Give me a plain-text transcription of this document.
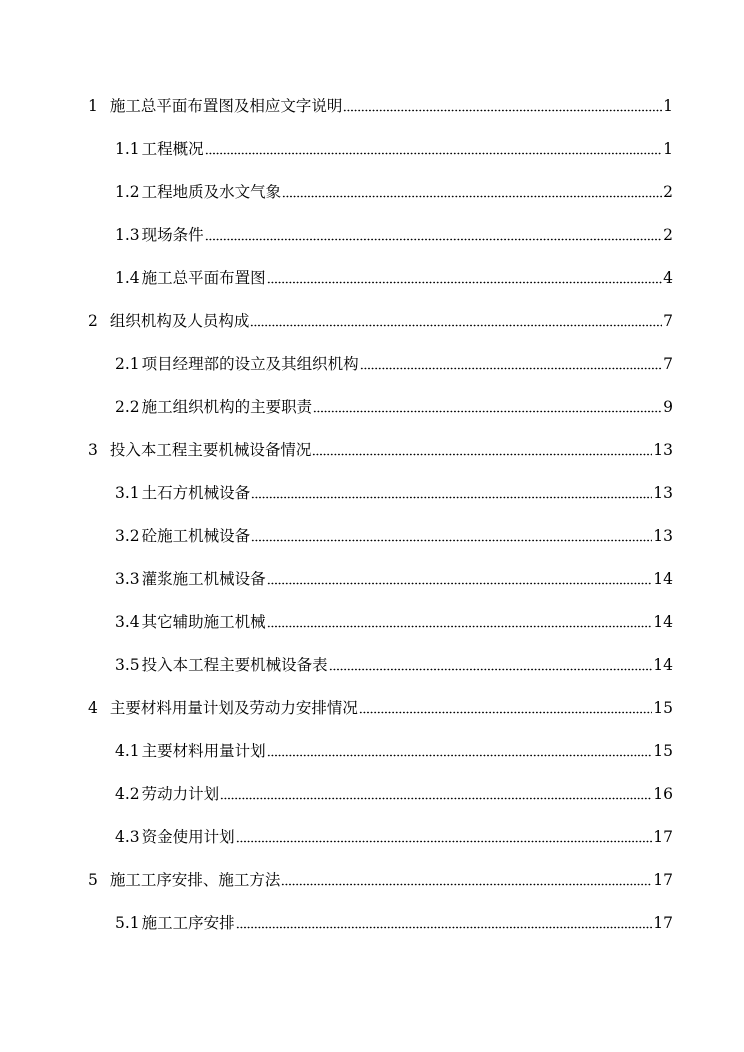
1 施工总平面布置图及相应文字说明	1
1.1 工程概况	1
1.2 工程地质及水文气象	2
1.3 现场条件	2
1.4 施工总平面布置图	4
2 组织机构及人员构成	7
2.1 项目经理部的设立及其组织机构	7
2.2 施工组织机构的主要职责	9
3 投入本工程主要机械设备情况	13
3.1 土石方机械设备	13
3.2 砼施工机械设备	13
3.3 灌浆施工机械设备	14
3.4 其它辅助施工机械	14
3.5 投入本工程主要机械设备表	14
4 主要材料用量计划及劳动力安排情况	15
4.1 主要材料用量计划	15
4.2 劳动力计划	16
4.3 资金使用计划	17
5 施工工序安排、施工方法	17
5.1 施工工序安排	17
